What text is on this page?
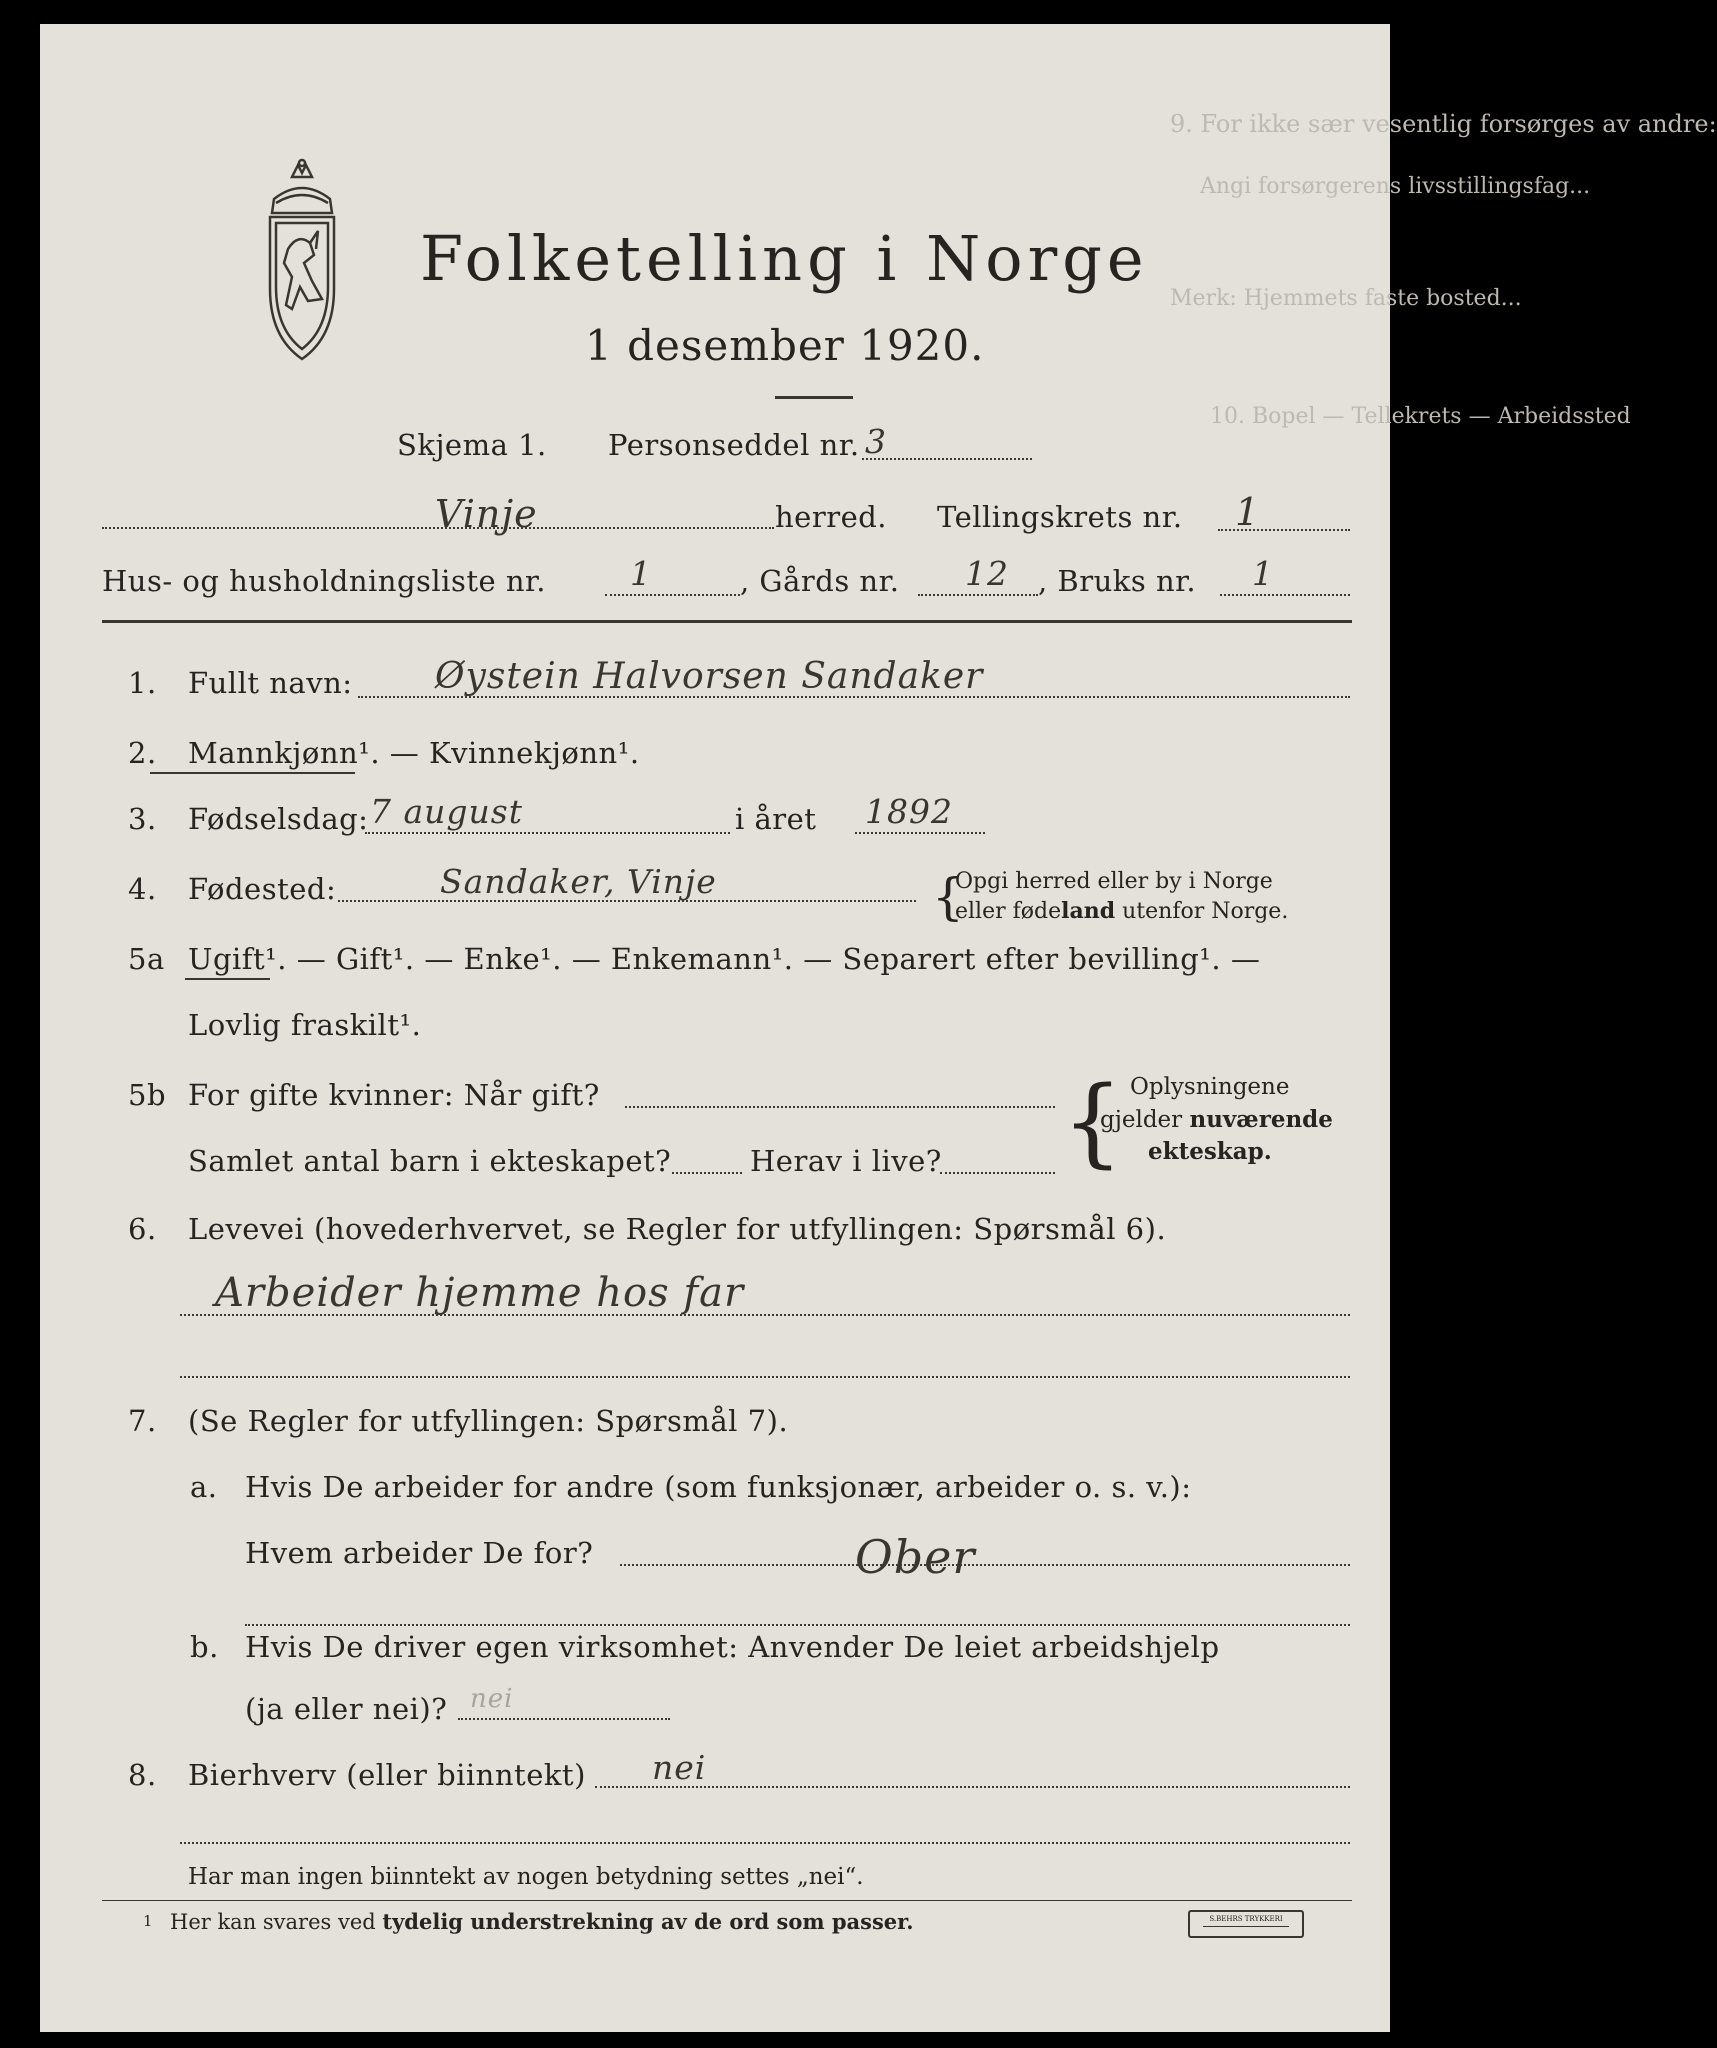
9. For ikke sær vesentlig forsørges av andre:
Angi forsørgerens livsstillingsfag...
Merk: Hjemmets faste bosted...
10. Bopel — Tellekrets — Arbeidssted
Folketelling i Norge
1 desember 1920.
Skjema 1. Personseddel nr. 3
Vinje	herred. Tellingskrets nr. 1
Hus- og husholdningsliste nr.	1	, Gårds nr. 12 , Bruks nr. 1
1. Fullt navn: Øystein Halvorsen Sandaker
2. Mannkjønn¹. — Kvinnekjønn¹.
3. Fødselsdag: 7 august	i året 1892
4. Fødested:	Sandaker, Vinje	{
Opgi herred eller by i Norge
eller fødeland utenfor Norge.
5a Ugift¹. — Gift¹. — Enke¹. — Enkemann¹. — Separert efter bevilling¹. —
Lovlig fraskilt¹.
5b For gifte kvinner: Når gift?
Samlet antal barn i ekteskapet?	Herav i live? { Oplysningene
gjelder nuværende
ekteskap.
6. Levevei (hovederhvervet, se Regler for utfyllingen: Spørsmål 6).
Arbeider hjemme hos far
7. (Se Regler for utfyllingen: Spørsmål 7).
a. Hvis De arbeider for andre (som funksjonær, arbeider o. s. v.):
Hvem arbeider De for?	Ober
b. Hvis De driver egen virksomhet: Anvender De leiet arbeidshjelp
(ja eller nei)? nei
8. Bierhverv (eller biinntekt) nei
Har man ingen biinntekt av nogen betydning settes „nei“.
1 Her kan svares ved tydelig understrekning av de ord som passer.	S.BEHRS TRYKKERI
